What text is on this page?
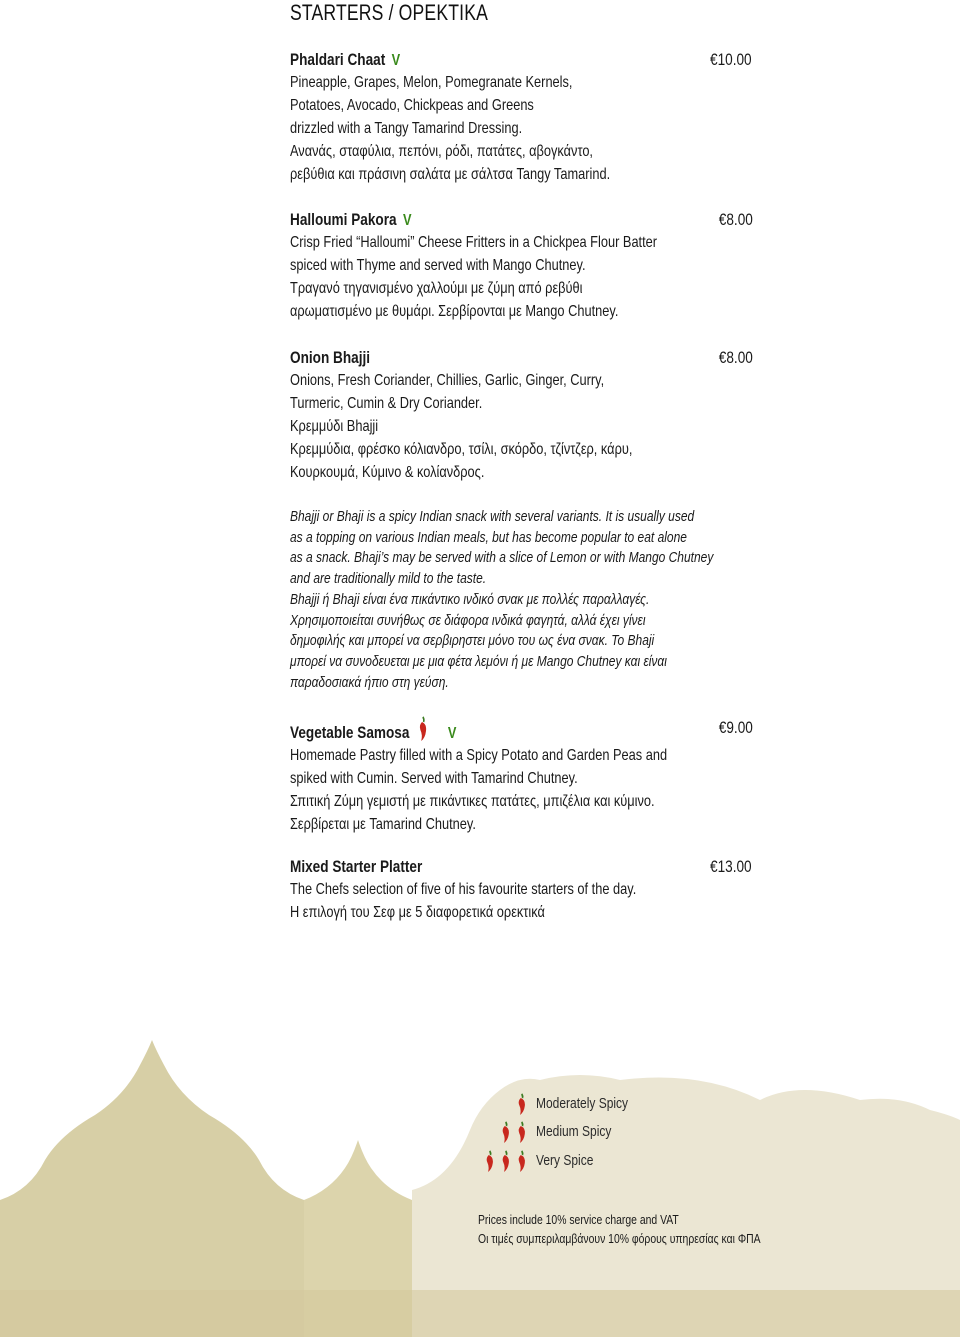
STARTERS / ΟΡΕΚΤΙΚΑ
Phaldari Chaat V	€10.00
Pineapple, Grapes, Melon, Pomegranate Kernels,
Potatoes, Avocado, Chickpeas and Greens
drizzled with a Tangy Tamarind Dressing.
Ανανάς, σταφύλια, πεπόνι, ρόδι, πατάτες, αβογκάντο,
ρεβύθια και πράσινη σαλάτα με σάλτσα Tangy Tamarind.
Halloumi Pakora V	€8.00
Crisp Fried “Halloumi” Cheese Fritters in a Chickpea Flour Batter
spiced with Thyme and served with Mango Chutney.
Τραγανό τηγανισμένο χαλλούμι με ζύμη από ρεβύθι
αρωματισμένο με θυμάρι. Σερβίρονται με Mango Chutney.
Onion Bhajji	€8.00
Onions, Fresh Coriander, Chillies, Garlic, Ginger, Curry,
Turmeric, Cumin & Dry Coriander.
Κρεμμύδι Bhajji
Κρεμμύδια, φρέσκο κόλιανδρο, τσίλι, σκόρδο, τζίντζερ, κάρυ,
Κουρκουμά, Κύμινο & κολίανδρος.
Bhajji or Bhaji is a spicy Indian snack with several variants. It is usually used
as a topping on various Indian meals, but has become popular to eat alone
as a snack. Bhaji’s may be served with a slice of Lemon or with Mango Chutney
and are traditionally mild to the taste.
Bhajji ή Bhaji είναι ένα πικάντικο ινδικό σνακ με πολλές παραλλαγές.
Χρησιμοποιείται συνήθως σε διάφορα ινδικά φαγητά, αλλά έχει γίνει
δημοφιλής και μπορεί να σερβιρηστει μόνο του ως ένα σνακ. Το Bhaji
μπορεί να συνοδευεται με μια φέτα λεμόνι ή με Mango Chutney και είναι
παραδοσιακά ήπιο στη γεύση.
Vegetable Samosa V	€9.00
Homemade Pastry filled with a Spicy Potato and Garden Peas and
spiked with Cumin. Served with Tamarind Chutney.
Σπιτική Ζύμη γεμιστή με πικάντικες πατάτες, μπιζέλια και κύμινο.
Σερβίρεται με Tamarind Chutney.
Mixed Starter Platter	€13.00
The Chefs selection of five of his favourite starters of the day.
Η επιλογή του Σεφ με 5 διαφορετικά ορεκτικά
Moderately Spicy
Medium Spicy
Very Spice
Prices include 10% service charge and VAT
Οι τιμές συμπεριλαμβάνουν 10% φόρους υπηρεσίας και ΦΠΑ
